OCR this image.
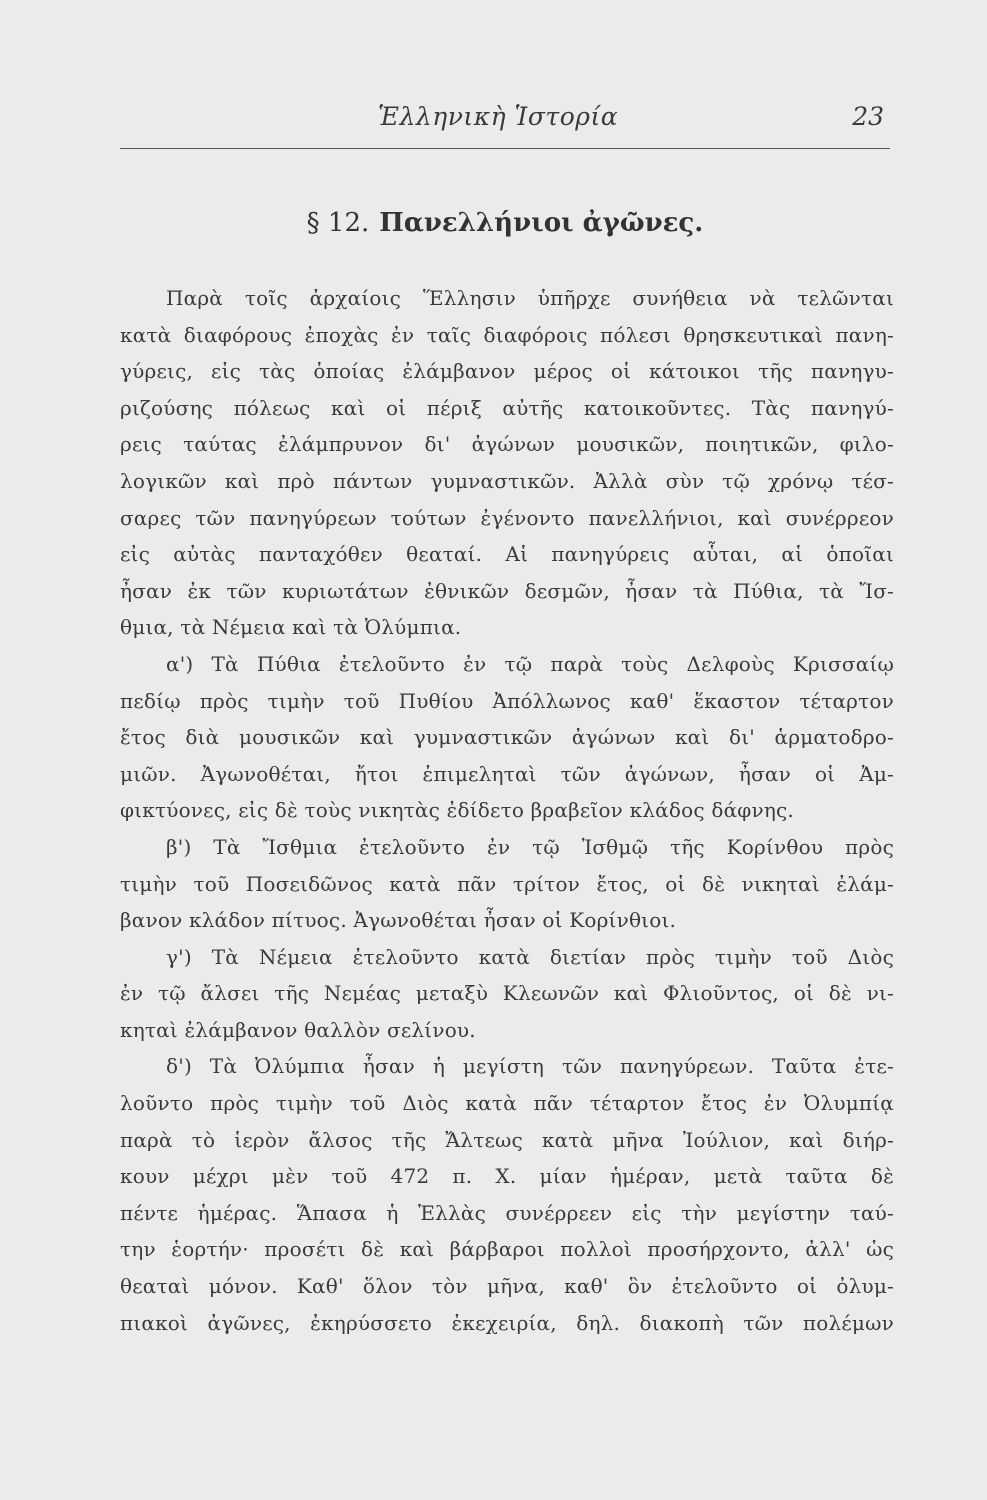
Ἑλληνικὴ Ἱστορία	23
§ 12. Πανελλήνιοι ἀγῶνες.
Παρὰ τοῖς ἀρχαίοις Ἕλλησιν ὑπῆρχε συνήθεια νὰ τελῶνται
κατὰ διαφόρους ἐποχὰς ἐν ταῖς διαφόροις πόλεσι θρησκευτικαὶ πανη-
γύρεις, εἰς τὰς ὁποίας ἐλάμβανον μέρος οἱ κάτοικοι τῆς πανηγυ-
ριζούσης πόλεως καὶ οἱ πέριξ αὐτῆς κατοικοῦντες. Τὰς πανηγύ-
ρεις ταύτας ἐλάμπρυνον δι' ἀγώνων μουσικῶν, ποιητικῶν, φιλο-
λογικῶν καὶ πρὸ πάντων γυμναστικῶν. Ἀλλὰ σὺν τῷ χρόνῳ τέσ-
σαρες τῶν πανηγύρεων τούτων ἐγένοντο πανελλήνιοι, καὶ συνέρρεον
εἰς αὐτὰς πανταχόθεν θεαταί. Αἱ πανηγύρεις αὗται, αἱ ὁποῖαι
ἦσαν ἐκ τῶν κυριωτάτων ἐθνικῶν δεσμῶν, ἦσαν τὰ Πύθια, τὰ Ἴσ-
θμια, τὰ Νέμεια καὶ τὰ Ὀλύμπια.
α') Τὰ Πύθια ἐτελοῦντο ἐν τῷ παρὰ τοὺς Δελφοὺς Κρισσαίῳ
πεδίῳ πρὸς τιμὴν τοῦ Πυθίου Ἀπόλλωνος καθ' ἕκαστον τέταρτον
ἔτος διὰ μουσικῶν καὶ γυμναστικῶν ἀγώνων καὶ δι' ἁρματοδρο-
μιῶν. Ἀγωνοθέται, ἤτοι ἐπιμεληταὶ τῶν ἀγώνων, ἦσαν οἱ Ἀμ-
φικτύονες, εἰς δὲ τοὺς νικητὰς ἐδίδετο βραβεῖον κλάδος δάφνης.
β') Τὰ Ἴσθμια ἐτελοῦντο ἐν τῷ Ἰσθμῷ τῆς Κορίνθου πρὸς
τιμὴν τοῦ Ποσειδῶνος κατὰ πᾶν τρίτον ἔτος, οἱ δὲ νικηταὶ ἐλάμ-
βανον κλάδον πίτυος. Ἀγωνοθέται ἦσαν οἱ Κορίνθιοι.
γ') Τὰ Νέμεια ἐτελοῦντο κατὰ διετίαν πρὸς τιμὴν τοῦ Διὸς
ἐν τῷ ἄλσει τῆς Νεμέας μεταξὺ Κλεωνῶν καὶ Φλιοῦντος, οἱ δὲ νι-
κηταὶ ἐλάμβανον θαλλὸν σελίνου.
δ') Τὰ Ὀλύμπια ἦσαν ἡ μεγίστη τῶν πανηγύρεων. Ταῦτα ἐτε-
λοῦντο πρὸς τιμὴν τοῦ Διὸς κατὰ πᾶν τέταρτον ἔτος ἐν Ὀλυμπίᾳ
παρὰ τὸ ἱερὸν ἄλσος τῆς Ἄλτεως κατὰ μῆνα Ἰούλιον, καὶ διήρ-
κουν μέχρι μὲν τοῦ 472 π. Χ. μίαν ἡμέραν, μετὰ ταῦτα δὲ
πέντε ἡμέρας. Ἅπασα ἡ Ἑλλὰς συνέρρεεν εἰς τὴν μεγίστην ταύ-
την ἑορτήν· προσέτι δὲ καὶ βάρβαροι πολλοὶ προσήρχοντο, ἀλλ' ὡς
θεαταὶ μόνον. Καθ' ὅλον τὸν μῆνα, καθ' ὃν ἐτελοῦντο οἱ ὀλυμ-
πιακοὶ ἀγῶνες, ἐκηρύσσετο ἐκεχειρία, δηλ. διακοπὴ τῶν πολέμων
